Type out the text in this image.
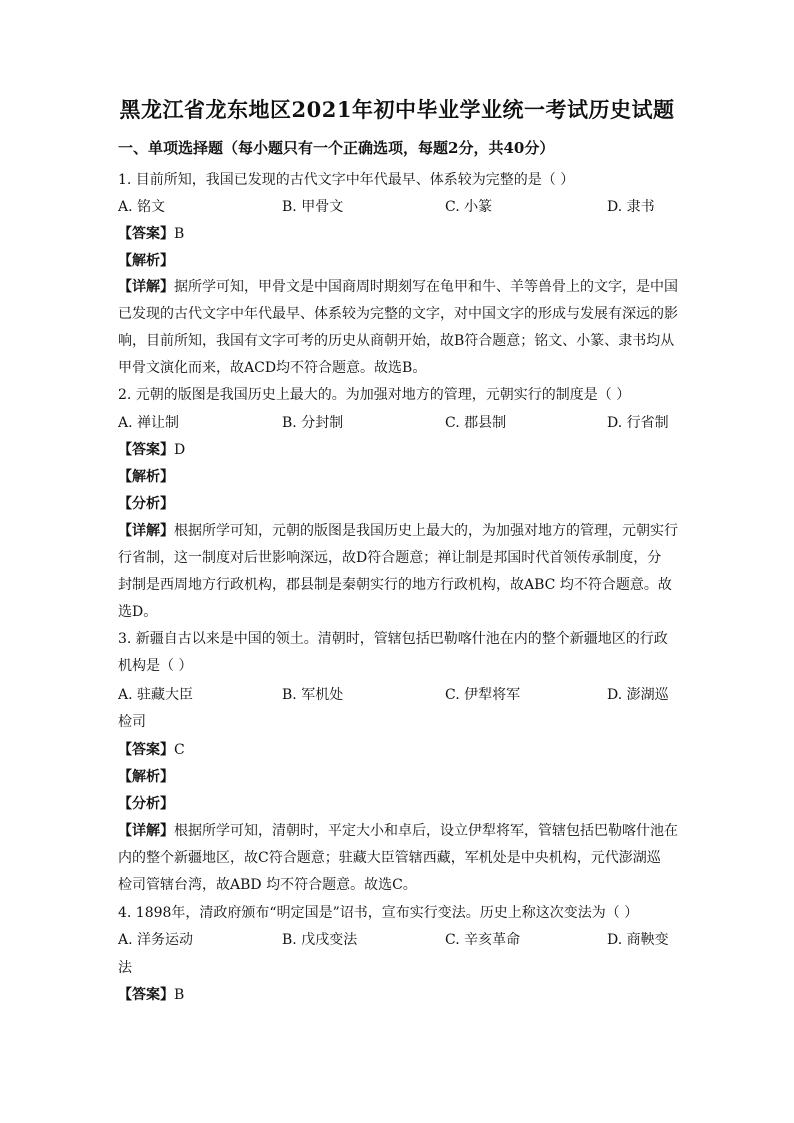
黑龙江省龙东地区2021年初中毕业学业统一考试历史试题
一、单项选择题（每小题只有一个正确选项，每题2分，共40分）
1. 目前所知，我国已发现的古代文字中年代最早、体系较为完整的是（ ）
A. 铭文	B. 甲骨文	C. 小篆	D. 隶书
【答案】B
【解析】
【详解】据所学可知，甲骨文是中国商周时期刻写在龟甲和牛、羊等兽骨上的文字，是中国
已发现的古代文字中年代最早、体系较为完整的文字，对中国文字的形成与发展有深远的影
响，目前所知，我国有文字可考的历史从商朝开始，故B符合题意；铭文、小篆、隶书均从
甲骨文演化而来，故ACD均不符合题意。故选B。
2. 元朝的版图是我国历史上最大的。为加强对地方的管理，元朝实行的制度是（ ）
A. 禅让制	B. 分封制	C. 郡县制	D. 行省制
【答案】D
【解析】
【分析】
【详解】根据所学可知，元朝的版图是我国历史上最大的，为加强对地方的管理，元朝实行
行省制，这一制度对后世影响深远，故D符合题意；禅让制是邦国时代首领传承制度，分
封制是西周地方行政机构，郡县制是秦朝实行的地方行政机构，故ABC 均不符合题意。故
选D。
3. 新疆自古以来是中国的领土。清朝时，管辖包括巴勒喀什池在内的整个新疆地区的行政
机构是（ ）
A. 驻藏大臣	B. 军机处	C. 伊犁将军	D. 澎湖巡
检司
【答案】C
【解析】
【分析】
【详解】根据所学可知，清朝时，平定大小和卓后，设立伊犁将军，管辖包括巴勒喀什池在
内的整个新疆地区，故C符合题意；驻藏大臣管辖西藏，军机处是中央机构，元代澎湖巡
检司管辖台湾，故ABD 均不符合题意。故选C。
4. 1898年，清政府颁布“明定国是”诏书，宣布实行变法。历史上称这次变法为（ ）
A. 洋务运动	B. 戊戌变法	C. 辛亥革命	D. 商鞅变
法
【答案】B
